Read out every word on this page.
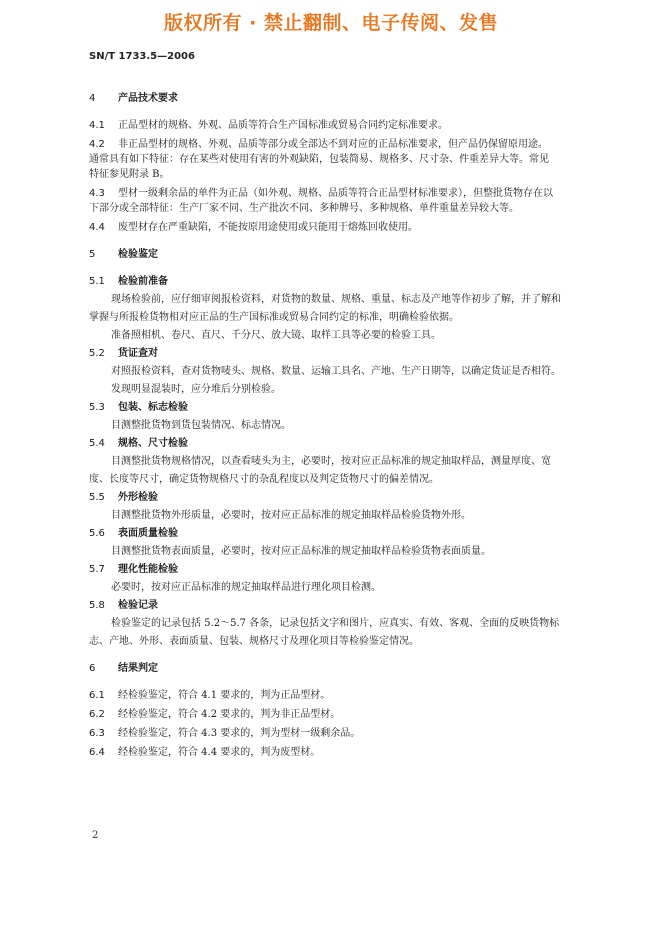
版权所有 · 禁止翻制、电子传阅、发售
SN/T 1733.5—2006

4 产品技术要求

4.1 正品型材的规格、外观、品质等符合生产国标准或贸易合同约定标准要求。

4.2 非正品型材的规格、外观、品质等部分或全部达不到对应的正品标准要求，但产品仍保留原用途。

通常具有如下特征：存在某些对使用有害的外观缺陷，包装简易、规格多、尺寸杂、件重差异大等。常见

特征参见附录 B。

4.3 型材一级剩余品的单件为正品（如外观、规格、品质等符合正品型材标准要求），但整批货物存在以

下部分或全部特征：生产厂家不同、生产批次不同、多种牌号、多种规格、单件重量差异较大等。

4.4 废型材存在严重缺陷，不能按原用途使用或只能用于熔炼回收使用。

5 检验鉴定

5.1 检验前准备

现场检验前，应仔细审阅报检资料，对货物的数量、规格、重量、标志及产地等作初步了解，并了解和

掌握与所报检货物相对应正品的生产国标准或贸易合同约定的标准，明确检验依据。

准备照相机、卷尺、直尺、千分尺、放大镜、取样工具等必要的检验工具。

5.2 货证查对

对照报检资料，查对货物唛头、规格、数量、运输工具名、产地、生产日期等，以确定货证是否相符。

发现明显混装时，应分堆后分别检验。

5.3 包装、标志检验

目测整批货物到货包装情况、标志情况。

5.4 规格、尺寸检验

目测整批货物规格情况，以查看唛头为主，必要时，按对应正品标准的规定抽取样品，测量厚度、宽

度、长度等尺寸，确定货物规格尺寸的杂乱程度以及判定货物尺寸的偏差情况。

5.5 外形检验

目测整批货物外形质量，必要时，按对应正品标准的规定抽取样品检验货物外形。

5.6 表面质量检验

目测整批货物表面质量，必要时，按对应正品标准的规定抽取样品检验货物表面质量。

5.7 理化性能检验

必要时，按对应正品标准的规定抽取样品进行理化项目检测。

5.8 检验记录

检验鉴定的记录包括 5.2～5.7 各条，记录包括文字和图片，应真实、有效、客观、全面的反映货物标

志、产地、外形、表面质量、包装、规格尺寸及理化项目等检验鉴定情况。

6 结果判定

6.1 经检验鉴定，符合 4.1 要求的，判为正品型材。

6.2 经检验鉴定，符合 4.2 要求的，判为非正品型材。

6.3 经检验鉴定，符合 4.3 要求的，判为型材一级剩余品。

6.4 经检验鉴定，符合 4.4 要求的，判为废型材。

2
